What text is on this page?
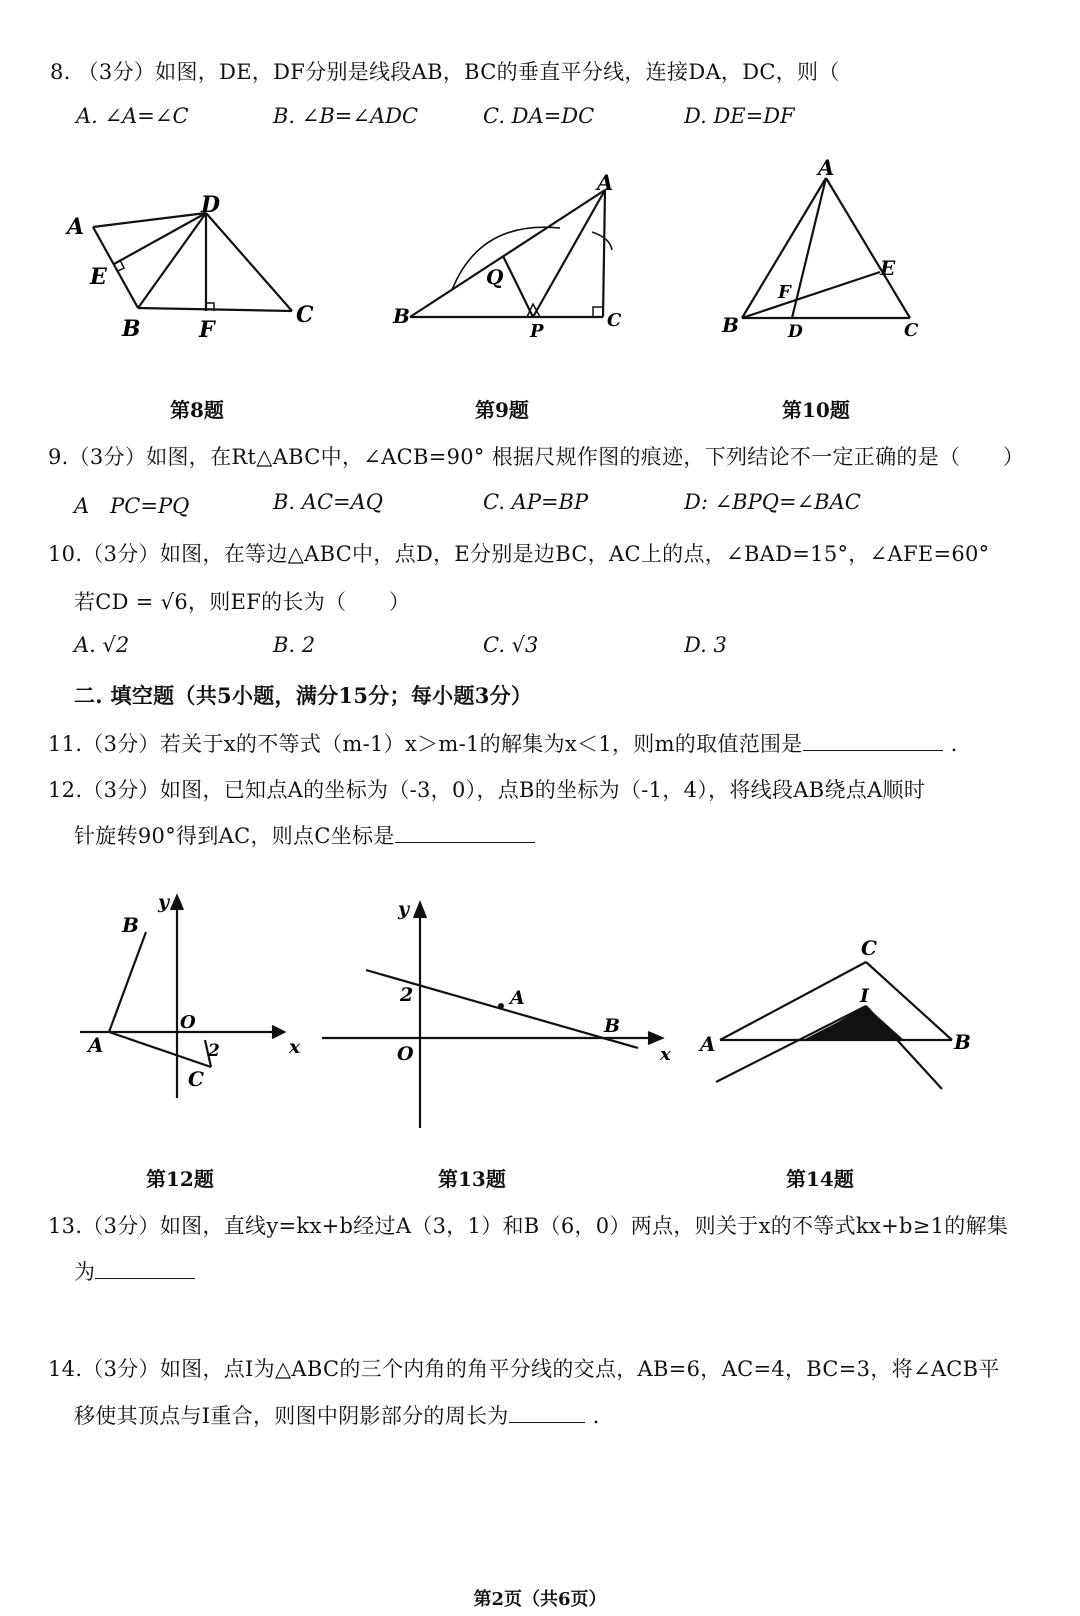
8. （3分）如图，DE，DF分别是线段AB，BC的垂直平分线，连接DA，DC，则（
A. ∠A=∠C	B. ∠B=∠ADC	C. DA=DC	D. DE=DF
A
D
E
B	F
C
A
B	C
Q
P
A
B	C
D
E
F
第8题	第9题	第10题
9.（3分）如图，在Rt△ABC中，∠ACB=90° 根据尺规作图的痕迹，下列结论不一定正确的是（　　）
A　PC=PQ	B. AC=AQ	C. AP=BP	D: ∠BPQ=∠BAC
10.（3分）如图，在等边△ABC中，点D，E分别是边BC，AC上的点，∠BAD=15°，∠AFE=60°
若CD = √6，则EF的长为（　　）
A. √2	B. 2	C. √3	D. 3
二. 填空题（共5小题，满分15分；每小题3分）
11.（3分）若关于x的不等式（m-1）x＞m-1的解集为x＜1，则m的取值范围是	.
12.（3分）如图，已知点A的坐标为（-3，0），点B的坐标为（-1，4），将线段AB绕点A顺时
针旋转90°得到AC，则点C坐标是
B
y
A
O
x
C
2
y
2	A
B
O	x
C
I
A	B
第12题	第13题	第14题
13.（3分）如图，直线y=kx+b经过A（3，1）和B（6，0）两点，则关于x的不等式kx+b≥1的解集
为
14.（3分）如图，点I为△ABC的三个内角的角平分线的交点，AB=6，AC=4，BC=3，将∠ACB平
移使其顶点与I重合，则图中阴影部分的周长为	.
第2页（共6页）
